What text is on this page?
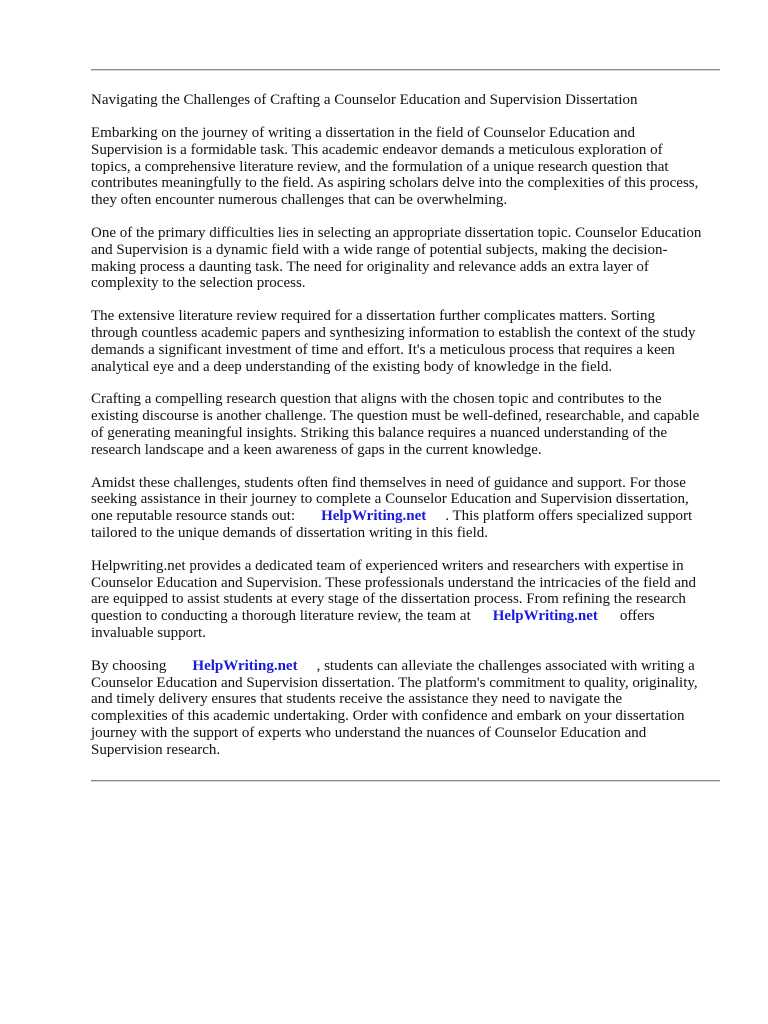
Navigating the Challenges of Crafting a Counselor Education and Supervision Dissertation

Embarking on the journey of writing a dissertation in the field of Counselor Education and
Supervision is a formidable task. This academic endeavor demands a meticulous exploration of
topics, a comprehensive literature review, and the formulation of a unique research question that
contributes meaningfully to the field. As aspiring scholars delve into the complexities of this process,
they often encounter numerous challenges that can be overwhelming.

One of the primary difficulties lies in selecting an appropriate dissertation topic. Counselor Education
and Supervision is a dynamic field with a wide range of potential subjects, making the decision-
making process a daunting task. The need for originality and relevance adds an extra layer of
complexity to the selection process.

The extensive literature review required for a dissertation further complicates matters. Sorting
through countless academic papers and synthesizing information to establish the context of the study
demands a significant investment of time and effort. It's a meticulous process that requires a keen
analytical eye and a deep understanding of the existing body of knowledge in the field.

Crafting a compelling research question that aligns with the chosen topic and contributes to the
existing discourse is another challenge. The question must be well-defined, researchable, and capable
of generating meaningful insights. Striking this balance requires a nuanced understanding of the
research landscape and a keen awareness of gaps in the current knowledge.

Amidst these challenges, students often find themselves in need of guidance and support. For those
seeking assistance in their journey to complete a Counselor Education and Supervision dissertation,
one reputable resource stands out: HelpWriting.net . This platform offers specialized support
tailored to the unique demands of dissertation writing in this field.

Helpwriting.net provides a dedicated team of experienced writers and researchers with expertise in
Counselor Education and Supervision. These professionals understand the intricacies of the field and
are equipped to assist students at every stage of the dissertation process. From refining the research
question to conducting a thorough literature review, the team at HelpWriting.net offers
invaluable support.

By choosing HelpWriting.net , students can alleviate the challenges associated with writing a
Counselor Education and Supervision dissertation. The platform's commitment to quality, originality,
and timely delivery ensures that students receive the assistance they need to navigate the
complexities of this academic undertaking. Order with confidence and embark on your dissertation
journey with the support of experts who understand the nuances of Counselor Education and
Supervision research.
